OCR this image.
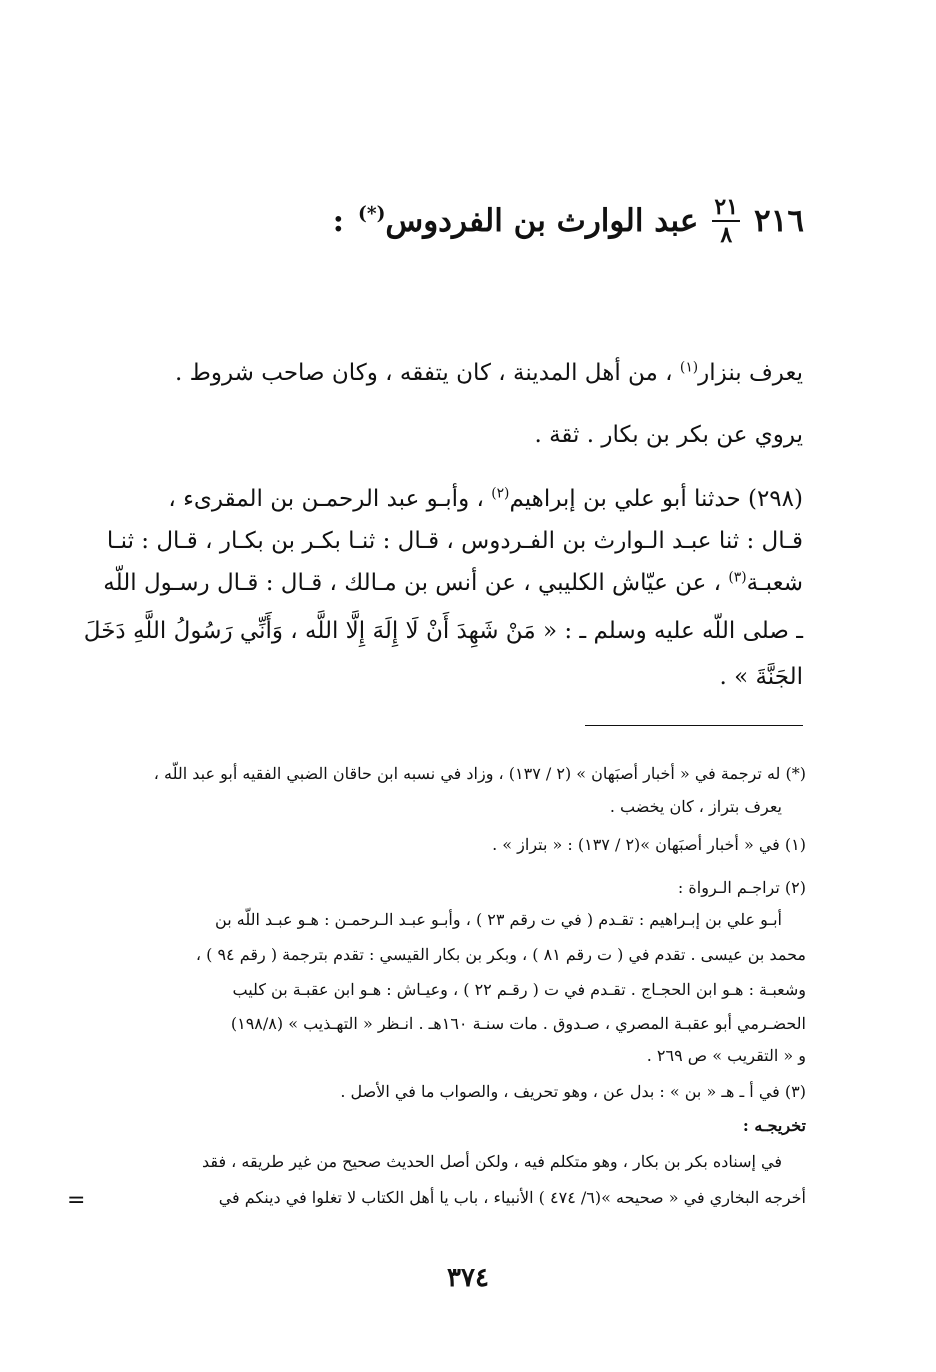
٢١٦
$\frac{٢١}{٨}$
عبد الوارث بن الفردوس(*)
:
يعرف بنزار$^{(١)}$ ، من أهل المدينة ، كان يتفقه ، وكان صاحب شروط .
يروي عن بكر بن بكار . ثقة .
(٢٩٨) حدثنا أبو علي بن إبراهيم$^{(٢)}$ ، وأبـو عبد الرحمـن بن المقرىء ،
قـال : ثنا عبـد الـوارث بن الفـردوس ، قـال : ثنـا بكـر بن بكـار ، قـال : ثنـا
شعبـة$^{(٣)}$ ، عن عيّاش الكليبي ، عن أنس بن مـالك ، قـال : قـال رسـول اللّه
ـ صلى اللّه عليه وسلم ـ : « مَنْ شَهِدَ أَنْ لَا إِلَهَ إِلَّا اللَّه ، وَأَنِّي رَسُولُ اللَّهِ دَخَلَ
الجَنَّةَ » .
(*) له ترجمة في « أخبار أصبَهان » (٢ / ١٣٧) ، وزاد في نسبه ابن حاقان الضبي الفقيه أبو عبد اللّه ،
يعرف بتراز ، كان يخضب .
(١) في « أخبار أصبَهان »(٢ / ١٣٧) : « بتراز » .
(٢) تراجـم الـرواة :
أبـو علي بن إبـراهيم : تقـدم ( في ت رقم ٢٣ ) ، وأبـو عبـد الـرحمـن : هـو عبـد اللّه بن
محمد بن عيسى . تقدم في ( ت رقم ٨١ ) ، وبكر بن بكار القيسي : تقدم بترجمة ( رقم ٩٤ ) ،
وشعبـة : هـو ابن الحجـاج . تقـدم في ت ( رقـم ٢٢ ) ، وعيـاش : هـو ابن عقبـة بن كليب
الحضـرمي أبو عقبـة المصري ، صـدوق . مات سنـة ١٦٠هـ . انـظر « التهـذيب » (١٩٨/٨)
و « التقريب » ص ٢٦٩ .
(٣) في أ ـ هـ « بن » : بدل عن ، وهو تحريف ، والصواب ما في الأصل .
تخريجـه :
في إسناده بكر بن بكار ، وهو متكلم فيه ، ولكن أصل الحديث صحيح من غير طريقه ، فقد
أخرجه البخاري في « صحيحه »(٦/ ٤٧٤ ) الأنبياء ، باب يا أهل الكتاب لا تغلوا في دينكم في
=
٣٧٤
